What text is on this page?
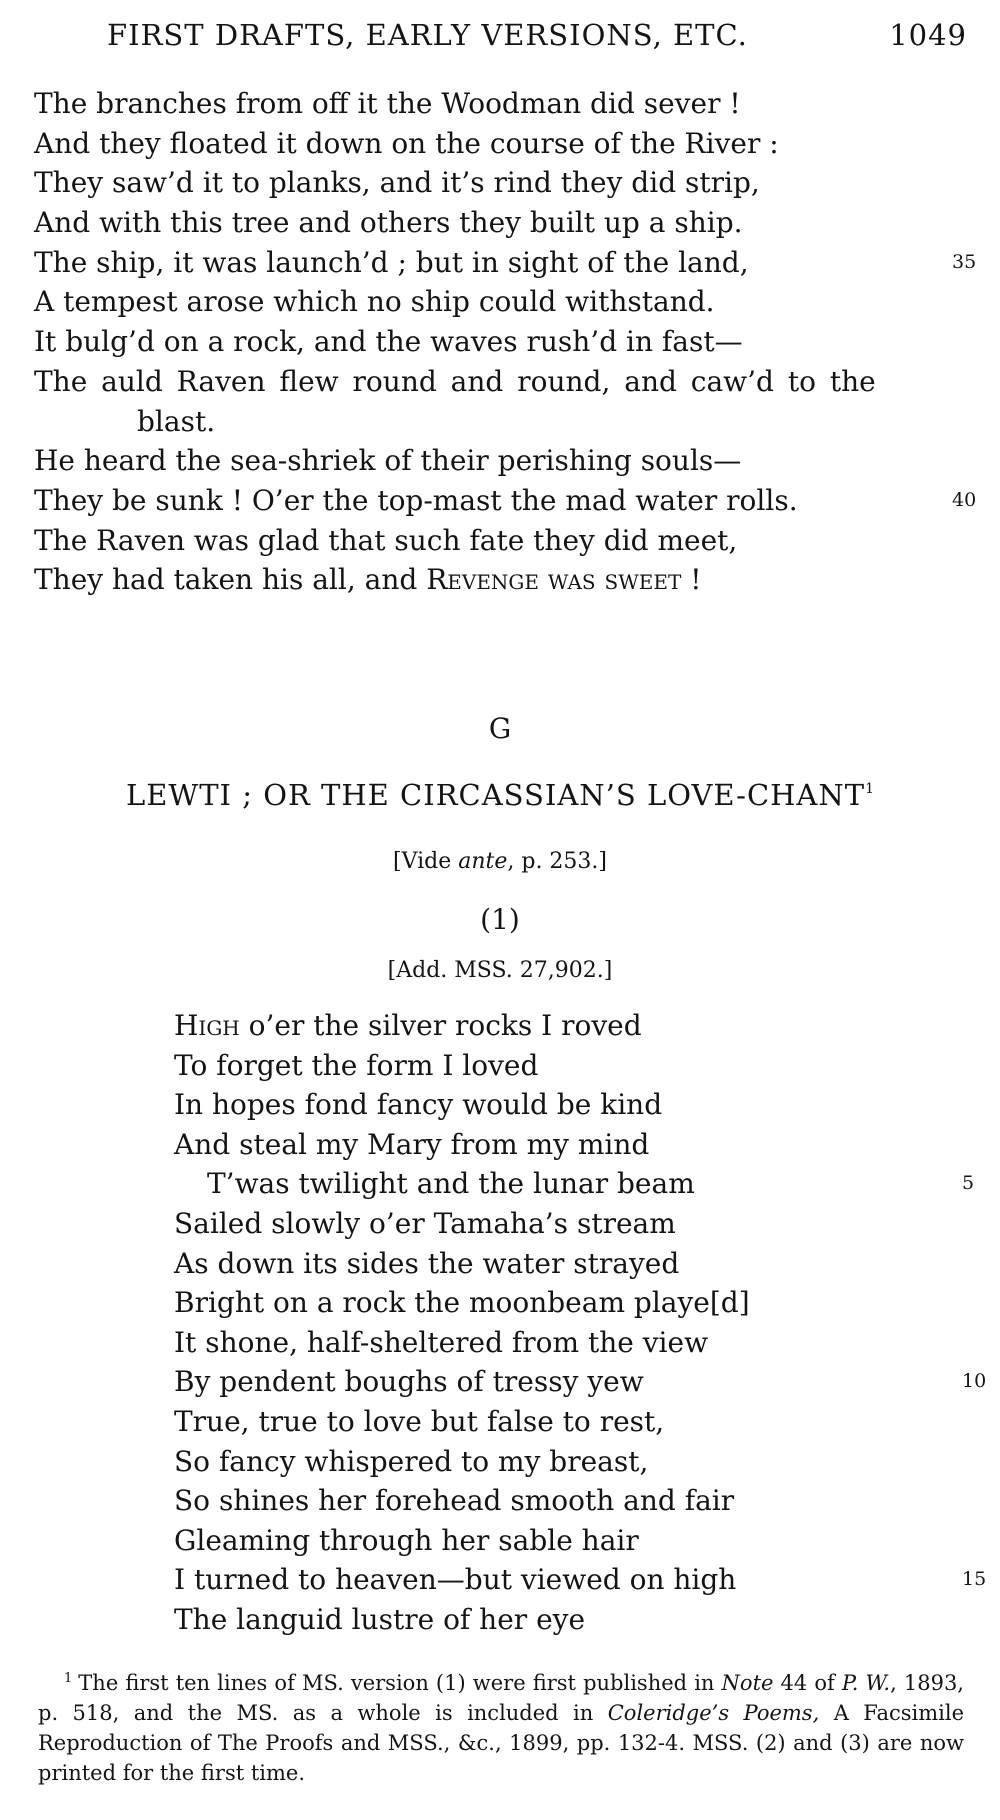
FIRST DRAFTS, EARLY VERSIONS, ETC.	1049
The branches from off it the Woodman did sever !
And they floated it down on the course of the River :
They saw’d it to planks, and it’s rind they did strip,
And with this tree and others they built up a ship.
The ship, it was launch’d ; but in sight of the land,	35
A tempest arose which no ship could withstand.
It bulg’d on a rock, and the waves rush’d in fast—
The auld Raven flew round and round, and caw’d to the
blast.
He heard the sea-shriek of their perishing souls—
They be sunk ! O’er the top-mast the mad water rolls.	40
The Raven was glad that such fate they did meet,
They had taken his all, and Revenge was sweet !
G
LEWTI ; OR THE CIRCASSIAN’S LOVE-CHANT$^1$
[Vide ante, p. 253.]
(1)
[Add. MSS. 27,902.]
High o’er the silver rocks I roved
To forget the form I loved
In hopes fond fancy would be kind
And steal my Mary from my mind
T’was twilight and the lunar beam	5
Sailed slowly o’er Tamaha’s stream
As down its sides the water strayed
Bright on a rock the moonbeam playe[d]
It shone, half-sheltered from the view
By pendent boughs of tressy yew	10
True, true to love but false to rest,
So fancy whispered to my breast,
So shines her forehead smooth and fair
Gleaming through her sable hair
I turned to heaven—but viewed on high	15
The languid lustre of her eye
$^1$ The first ten lines of MS. version (1) were first published in Note 44 of P. W., 1893, p. 518, and the MS. as a whole is included in Coleridge’s Poems, A Facsimile Reproduction of The Proofs and MSS., &c., 1899, pp. 132-4. MSS. (2) and (3) are now printed for the first time.
